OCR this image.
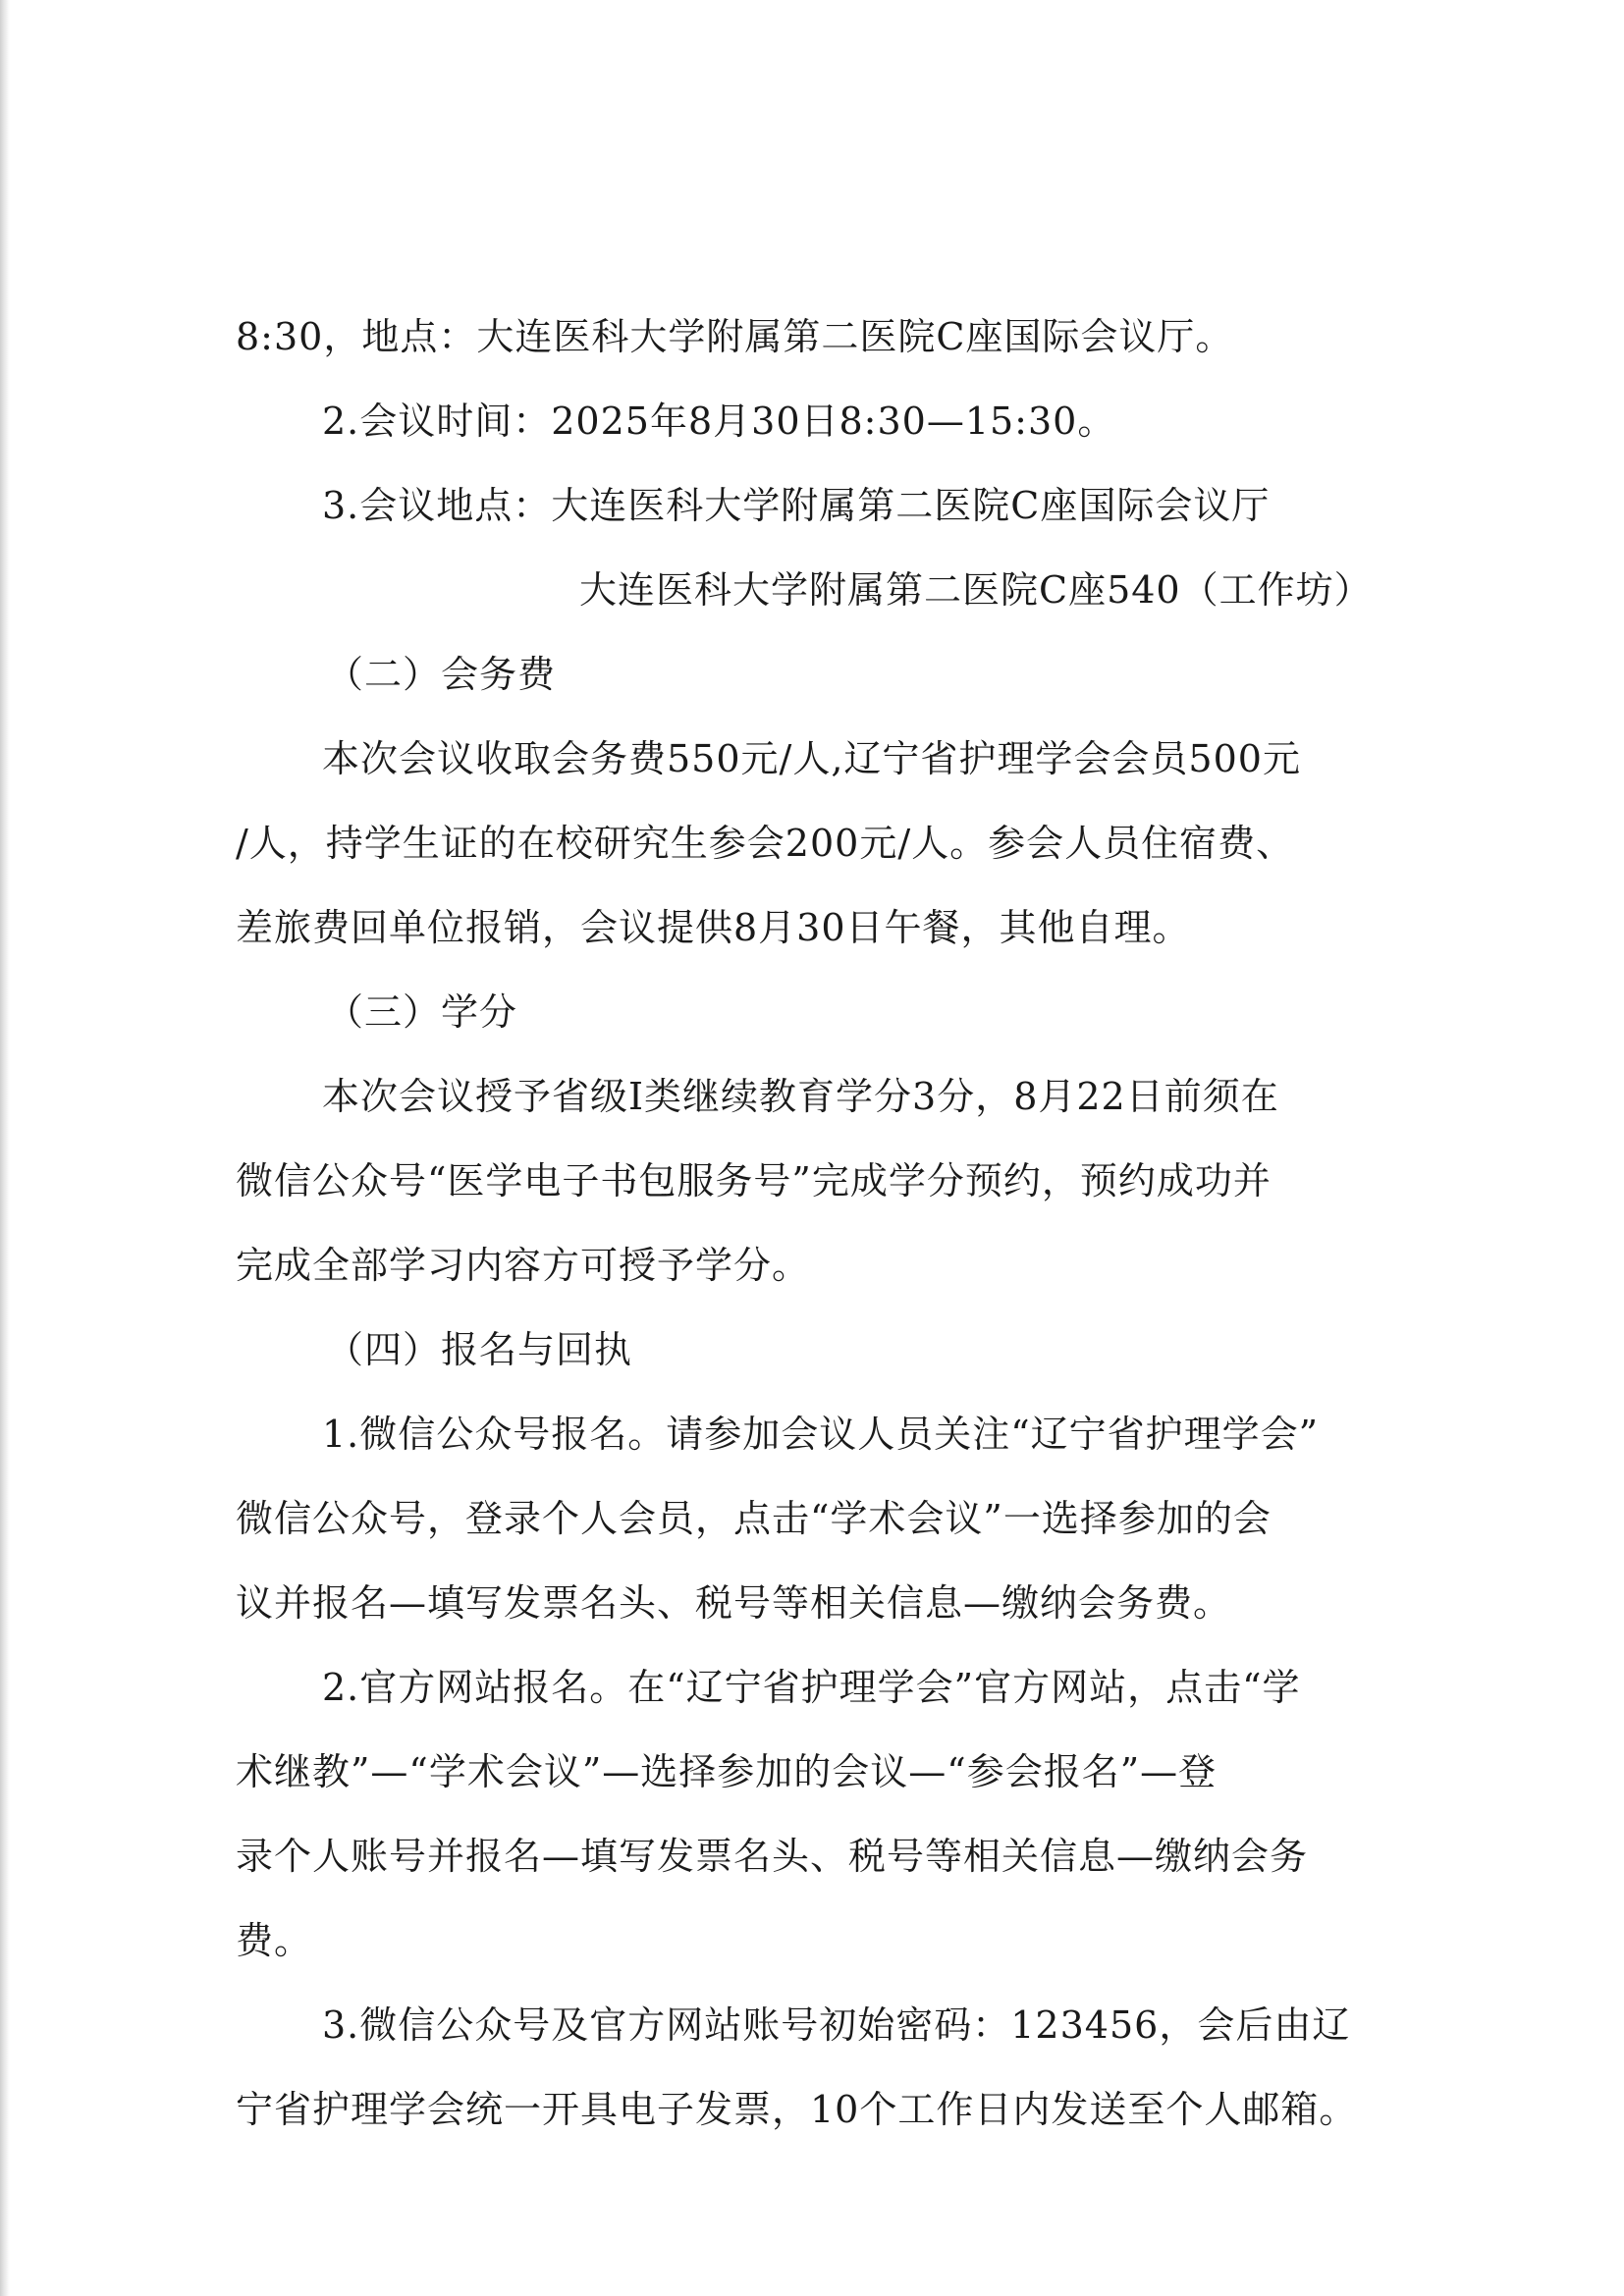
8:30，地点：大连医科大学附属第二医院C座国际会议厅。
2.会议时间：2025年8月30日8:30—15:30。
3.会议地点：大连医科大学附属第二医院C座国际会议厅
大连医科大学附属第二医院C座540（工作坊）
（二）会务费
本次会议收取会务费550元/人,辽宁省护理学会会员500元
/人，持学生证的在校研究生参会200元/人。参会人员住宿费、
差旅费回单位报销，会议提供8月30日午餐，其他自理。
（三）学分
本次会议授予省级Ⅰ类继续教育学分3分，8月22日前须在
微信公众号“医学电子书包服务号”完成学分预约，预约成功并
完成全部学习内容方可授予学分。
（四）报名与回执
1.微信公众号报名。请参加会议人员关注“辽宁省护理学会”
微信公众号，登录个人会员，点击“学术会议”一选择参加的会
议并报名—填写发票名头、税号等相关信息—缴纳会务费。
2.官方网站报名。在“辽宁省护理学会”官方网站，点击“学
术继教”—“学术会议”—选择参加的会议—“参会报名”—登
录个人账号并报名—填写发票名头、税号等相关信息—缴纳会务
费。
3.微信公众号及官方网站账号初始密码：123456，会后由辽
宁省护理学会统一开具电子发票，10个工作日内发送至个人邮箱。
